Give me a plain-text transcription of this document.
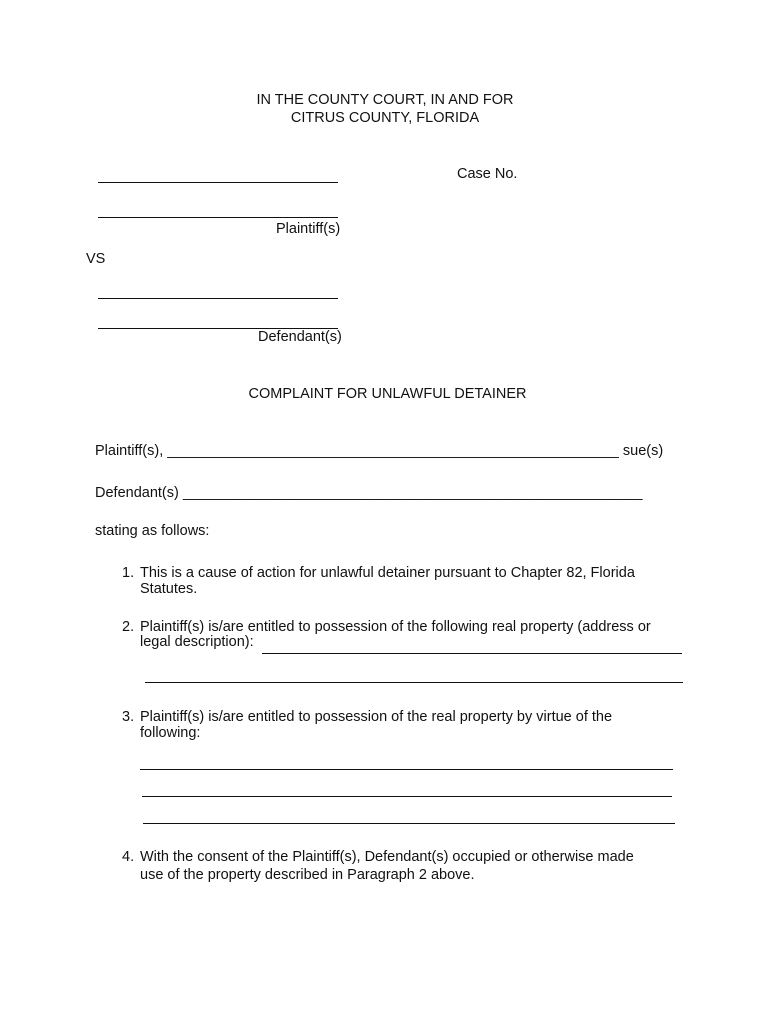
IN THE COUNTY COURT, IN AND FOR
CITRUS COUNTY, FLORIDA
Case No.
Plaintiff(s)
VS
Defendant(s)
COMPLAINT FOR UNLAWFUL DETAINER
Plaintiff(s), ________________________________________________________ sue(s)
Defendant(s) _________________________________________________________
stating as follows:
1. This is a cause of action for unlawful detainer pursuant to Chapter 82, Florida
Statutes.
2. Plaintiff(s) is/are entitled to possession of the following real property (address or
legal description):
3. Plaintiff(s) is/are entitled to possession of the real property by virtue of the
following:
4. With the consent of the Plaintiff(s), Defendant(s) occupied or otherwise made
use of the property described in Paragraph 2 above.
